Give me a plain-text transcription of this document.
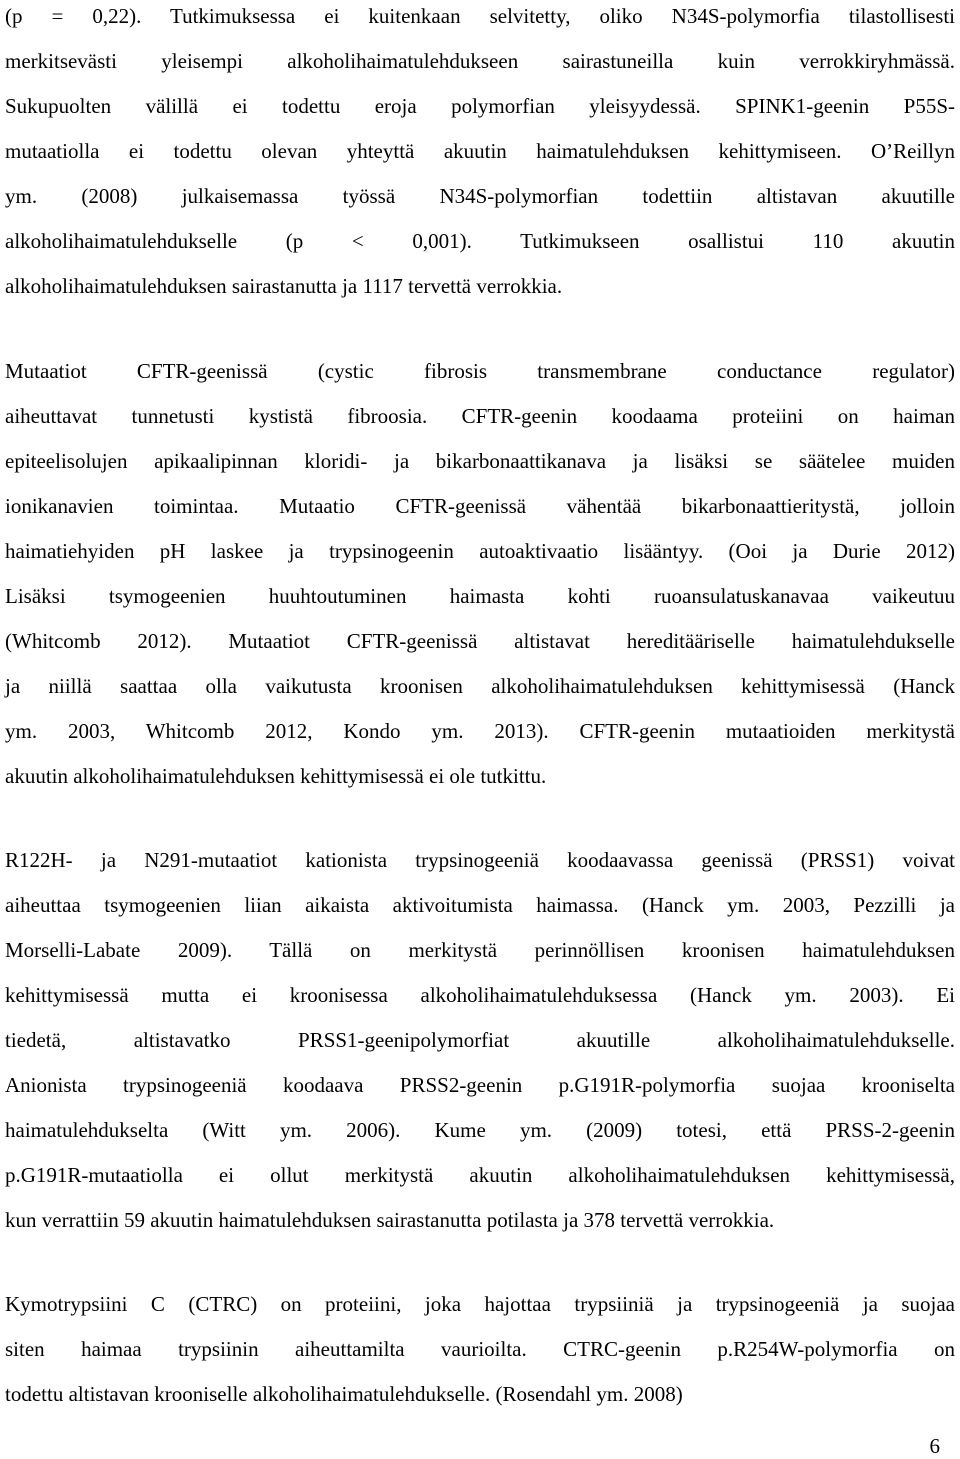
(p = 0,22). Tutkimuksessa ei kuitenkaan selvitetty, oliko N34S-polymorfia tilastollisesti
merkitsevästi yleisempi alkoholihaimatulehdukseen sairastuneilla kuin verrokkiryhmässä.
Sukupuolten välillä ei todettu eroja polymorfian yleisyydessä. SPINK1-geenin P55S-
mutaatiolla ei todettu olevan yhteyttä akuutin haimatulehduksen kehittymiseen. O’Reillyn
ym. (2008) julkaisemassa työssä N34S-polymorfian todettiin altistavan akuutille
alkoholihaimatulehdukselle (p < 0,001). Tutkimukseen osallistui 110 akuutin
alkoholihaimatulehduksen sairastanutta ja 1117 tervettä verrokkia.
Mutaatiot CFTR-geenissä (cystic fibrosis transmembrane conductance regulator)
aiheuttavat tunnetusti kystistä fibroosia. CFTR-geenin koodaama proteiini on haiman
epiteelisolujen apikaalipinnan kloridi- ja bikarbonaattikanava ja lisäksi se säätelee muiden
ionikanavien toimintaa. Mutaatio CFTR-geenissä vähentää bikarbonaattieritystä, jolloin
haimatiehyiden pH laskee ja trypsinogeenin autoaktivaatio lisääntyy. (Ooi ja Durie 2012)
Lisäksi tsymogeenien huuhtoutuminen haimasta kohti ruoansulatuskanavaa vaikeutuu
(Whitcomb 2012). Mutaatiot CFTR-geenissä altistavat hereditääriselle haimatulehdukselle
ja niillä saattaa olla vaikutusta kroonisen alkoholihaimatulehduksen kehittymisessä (Hanck
ym. 2003, Whitcomb 2012, Kondo ym. 2013). CFTR-geenin mutaatioiden merkitystä
akuutin alkoholihaimatulehduksen kehittymisessä ei ole tutkittu.
R122H- ja N291-mutaatiot kationista trypsinogeeniä koodaavassa geenissä (PRSS1) voivat
aiheuttaa tsymogeenien liian aikaista aktivoitumista haimassa. (Hanck ym. 2003, Pezzilli ja
Morselli-Labate 2009). Tällä on merkitystä perinnöllisen kroonisen haimatulehduksen
kehittymisessä mutta ei kroonisessa alkoholihaimatulehduksessa (Hanck ym. 2003). Ei
tiedetä, altistavatko PRSS1-geenipolymorfiat akuutille alkoholihaimatulehdukselle.
Anionista trypsinogeeniä koodaava PRSS2-geenin p.G191R-polymorfia suojaa krooniselta
haimatulehdukselta (Witt ym. 2006). Kume ym. (2009) totesi, että PRSS-2-geenin
p.G191R-mutaatiolla ei ollut merkitystä akuutin alkoholihaimatulehduksen kehittymisessä,
kun verrattiin 59 akuutin haimatulehduksen sairastanutta potilasta ja 378 tervettä verrokkia.
Kymotrypsiini C (CTRC) on proteiini, joka hajottaa trypsiiniä ja trypsinogeeniä ja suojaa
siten haimaa trypsiinin aiheuttamilta vaurioilta. CTRC-geenin p.R254W-polymorfia on
todettu altistavan krooniselle alkoholihaimatulehdukselle. (Rosendahl ym. 2008)
6
